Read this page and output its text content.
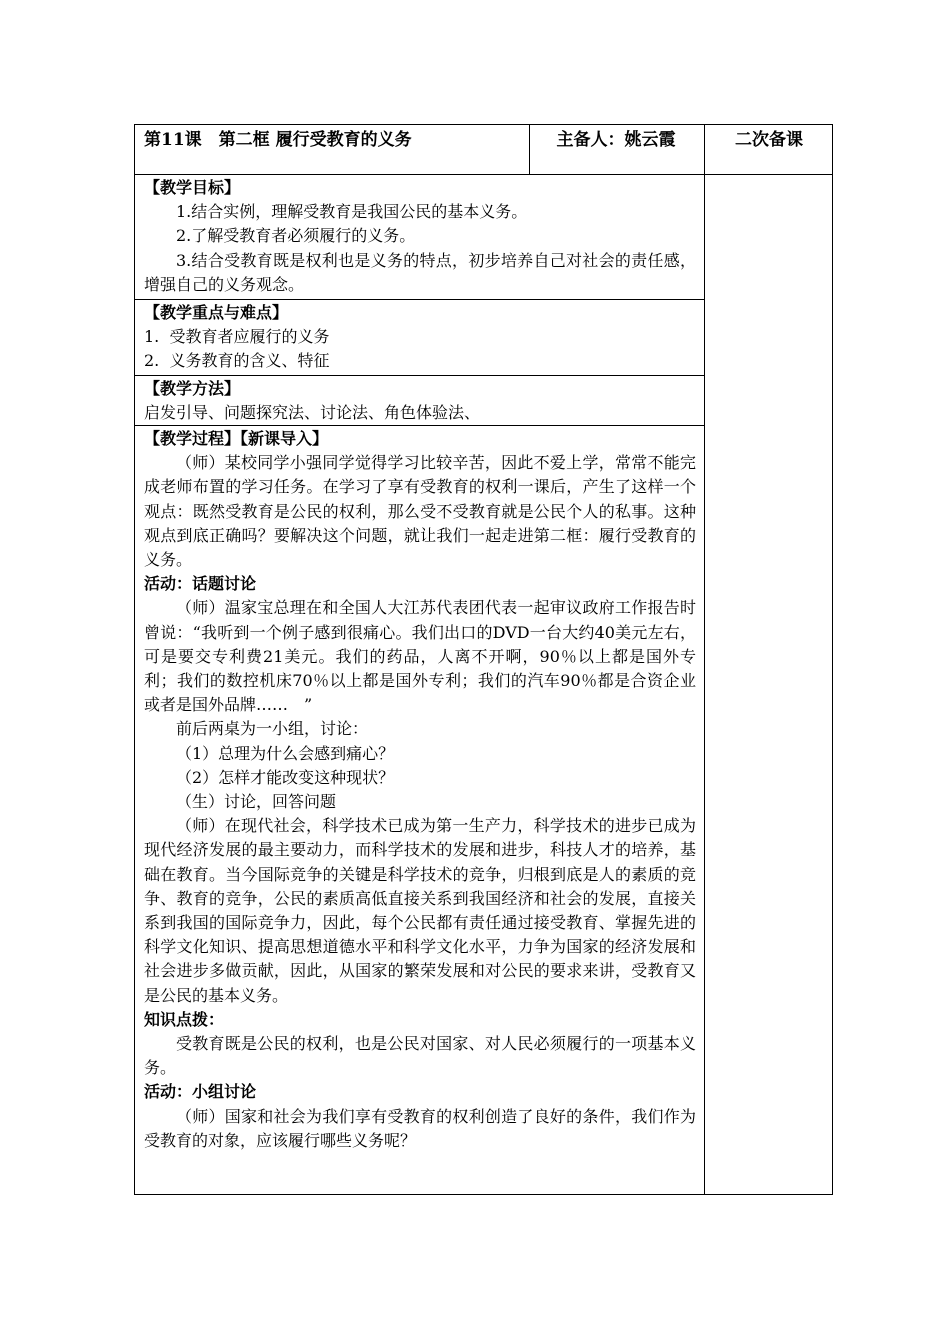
第11课　第二框 履行受教育的义务	主备人：姚云霞	二次备课
【教学目标】

1.结合实例，理解受教育是我国公民的基本义务。

2.了解受教育者必须履行的义务。

3.结合受教育既是权利也是义务的特点，初步培养自己对社会的责任感，增强自己的义务观念。

【教学重点与难点】

1.  受教育者应履行的义务

2.  义务教育的含义、特征

【教学方法】

启发引导、问题探究法、讨论法、角色体验法、

【教学过程】【新课导入】

（师）某校同学小强同学觉得学习比较辛苦，因此不爱上学，常常不能完成老师布置的学习任务。在学习了享有受教育的权利一课后，产生了这样一个观点：既然受教育是公民的权利，那么受不受教育就是公民个人的私事。这种观点到底正确吗？要解决这个问题，就让我们一起走进第二框：履行受教育的义务。

活动：话题讨论

（师）温家宝总理在和全国人大江苏代表团代表一起审议政府工作报告时曾说：“我听到一个例子感到很痛心。我们出口的DVD一台大约40美元左右，可是要交专利费21美元。我们的药品，人离不开啊，90％以上都是国外专利；我们的数控机床70％以上都是国外专利；我们的汽车90％都是合资企业或者是国外品牌……　”

前后两桌为一小组，讨论：

（1）总理为什么会感到痛心？

（2）怎样才能改变这种现状？

（生）讨论，回答问题

（师）在现代社会，科学技术已成为第一生产力，科学技术的进步已成为现代经济发展的最主要动力，而科学技术的发展和进步，科技人才的培养，基础在教育。当今国际竞争的关键是科学技术的竞争，归根到底是人的素质的竞争、教育的竞争，公民的素质高低直接关系到我国经济和社会的发展，直接关系到我国的国际竞争力，因此，每个公民都有责任通过接受教育、掌握先进的科学文化知识、提高思想道德水平和科学文化水平，力争为国家的经济发展和社会进步多做贡献，因此，从国家的繁荣发展和对公民的要求来讲，受教育又是公民的基本义务。

知识点拨：

受教育既是公民的权利，也是公民对国家、对人民必须履行的一项基本义务。

活动：小组讨论

（师）国家和社会为我们享有受教育的权利创造了良好的条件，我们作为受教育的对象，应该履行哪些义务呢？
